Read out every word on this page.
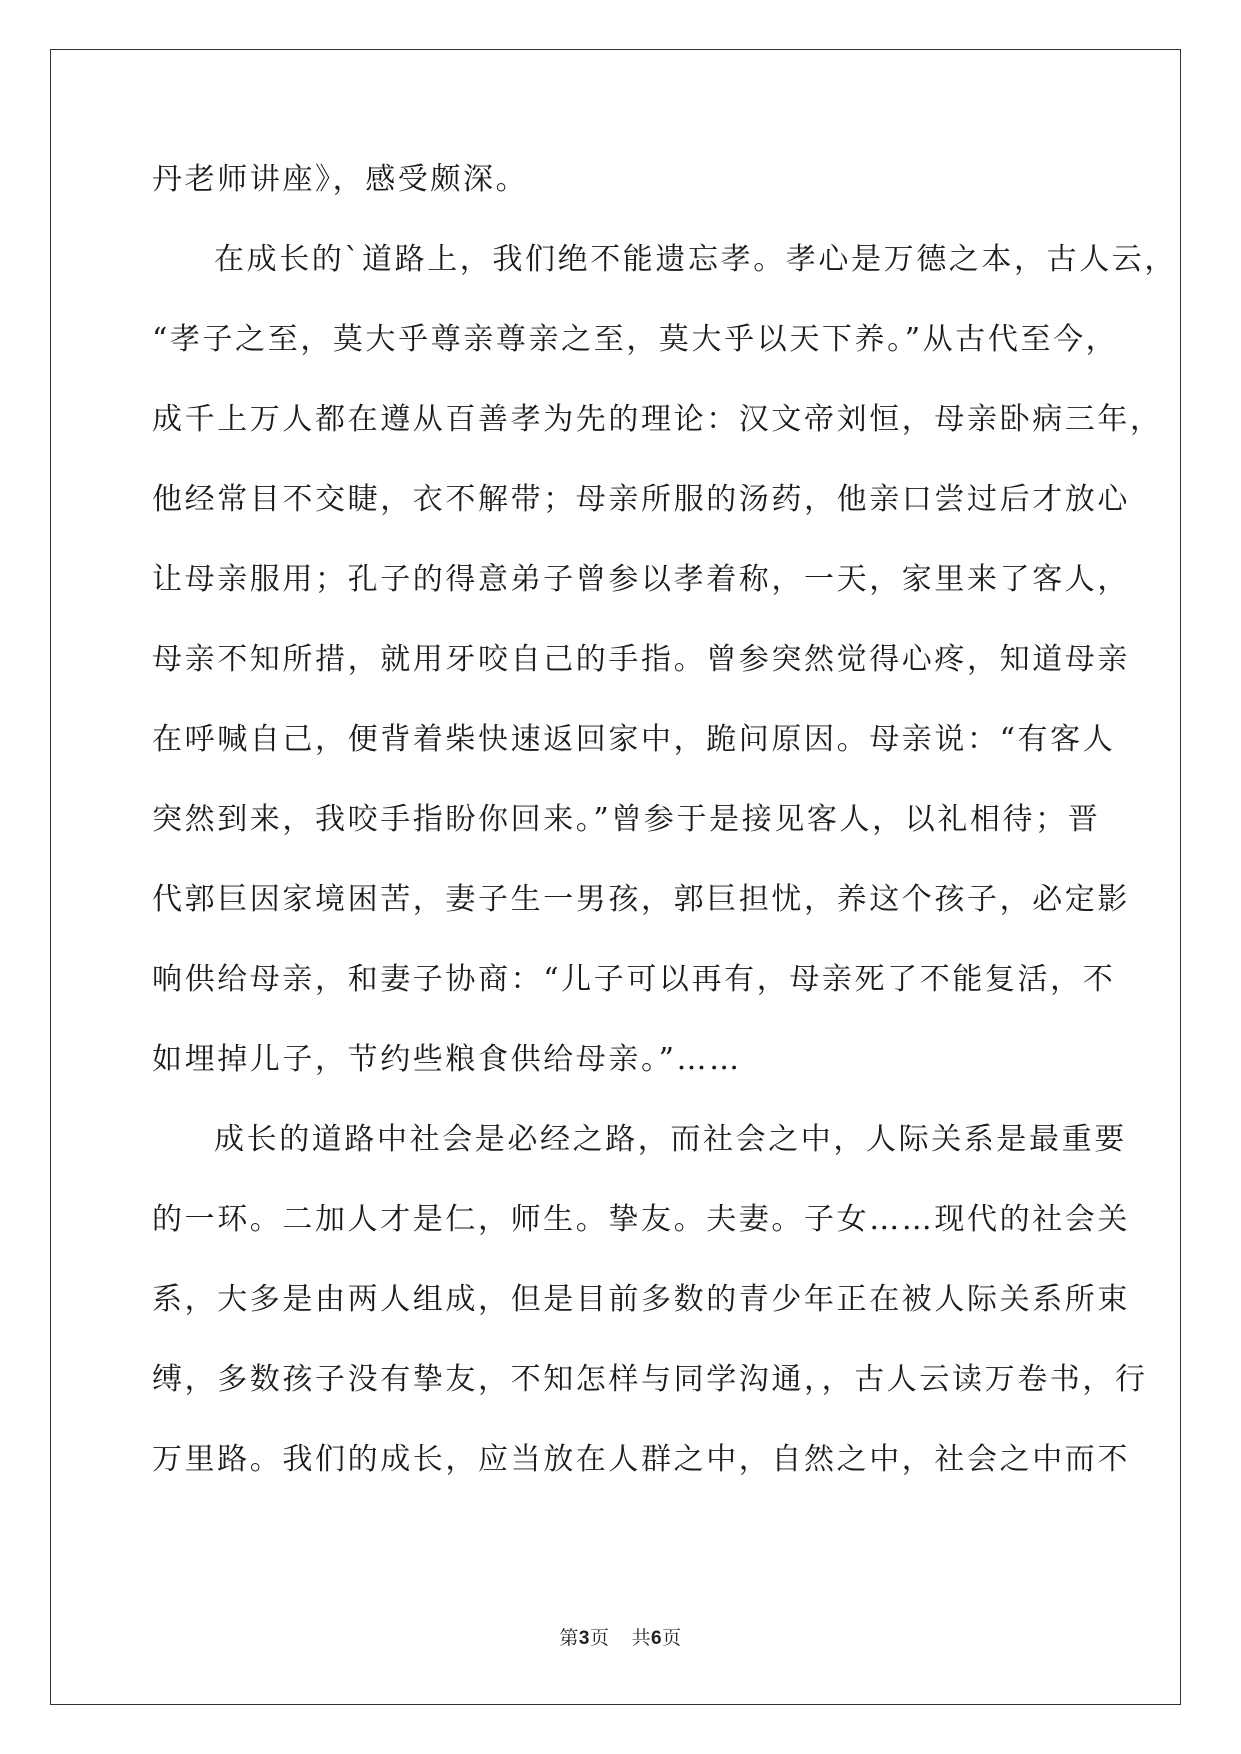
丹老师讲座》，感受颇深。
在成长的`道路上，我们绝不能遗忘孝。孝心是万德之本，古人云，
“孝子之至，莫大乎尊亲尊亲之至，莫大乎以天下养。”从古代至今，
成千上万人都在遵从百善孝为先的理论：汉文帝刘恒，母亲卧病三年，
他经常目不交睫，衣不解带；母亲所服的汤药，他亲口尝过后才放心
让母亲服用；孔子的得意弟子曾参以孝着称，一天，家里来了客人，
母亲不知所措，就用牙咬自己的手指。曾参突然觉得心疼，知道母亲
在呼喊自己，便背着柴快速返回家中，跪问原因。母亲说：“有客人
突然到来，我咬手指盼你回来。”曾参于是接见客人，以礼相待；晋
代郭巨因家境困苦，妻子生一男孩，郭巨担忧，养这个孩子，必定影
响供给母亲，和妻子协商：“儿子可以再有，母亲死了不能复活，不
如埋掉儿子，节约些粮食供给母亲。”……
成长的道路中社会是必经之路，而社会之中，人际关系是最重要
的一环。二加人才是仁，师生。挚友。夫妻。子女……现代的社会关
系，大多是由两人组成，但是目前多数的青少年正在被人际关系所束
缚，多数孩子没有挚友，不知怎样与同学沟通，，古人云读万卷书，行
万里路。我们的成长，应当放在人群之中，自然之中，社会之中而不
第3页 共6页
